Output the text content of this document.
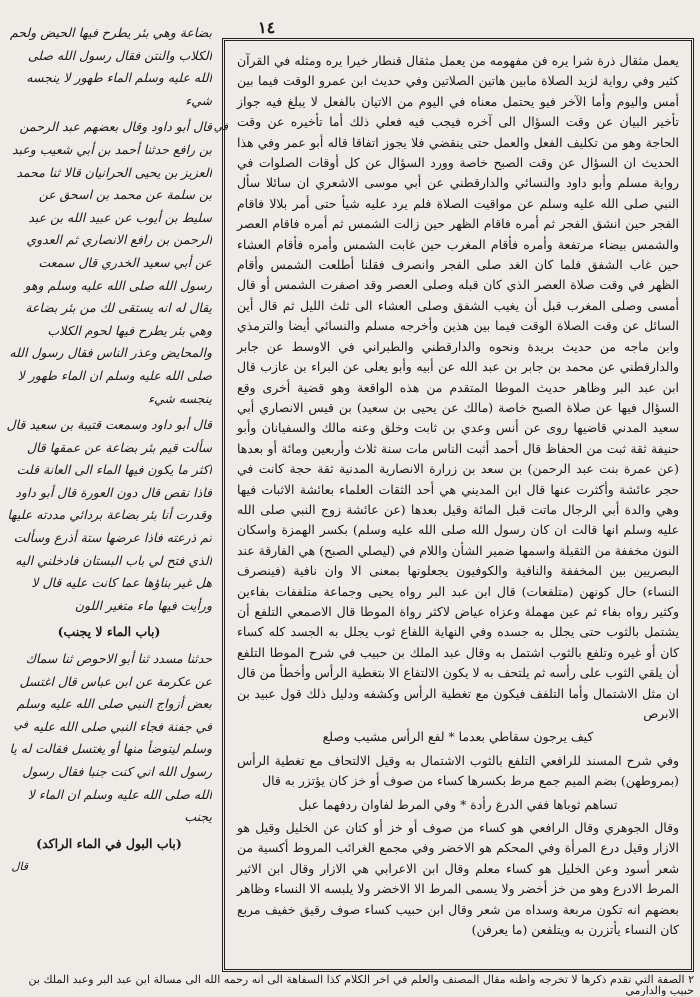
١٤

يعمل مثقال ذرة شرا يره فن مفهومه من يعمل مثقال قنطار خيرا يره ومثله في القرآن كثير وفي رواية لزيد الصلاة مابين هاتين الصلاتين وفي حديث ابن عمرو الوقت فيما بين أمس واليوم وأما الآخر فيو يحتمل معناه في اليوم من الاتيان بالفعل لا يبلغ فيه جواز تأخير البيان عن وقت السؤال الى آخره فيجب فيه فعلي ذلك أما تأخيره عن وقت الحاجة وهو من تكليف الفعل والعمل حتى ينقضي فلا يجوز اتفاقا قاله أبو عمر وفي هذا الحديث ان السؤال عن وقت الصبح خاصة وورد السؤال عن كل أوقات الصلوات في رواية مسلم وأبو داود والنسائي والدارقطني عن أبي موسى الاشعري ان سائلا سأل النبي صلى الله عليه وسلم عن مواقيت الصلاة فلم يرد عليه شيأ حتى أمر بلالا فاقام الفجر حين انشق الفجر ثم أمره فاقام الظهر حين زالت الشمس ثم أمره فاقام العصر والشمس بيضاء مرتفعة وأمره فأقام المغرب حين غابت الشمس وأمره فأقام العشاء حين غاب الشفق فلما كان الغد صلى الفجر وانصرف فقلنا أطلعت الشمس وأقام الظهر في وقت صلاة العصر الذي كان قبله وصلى العصر وقد اصفرت الشمس أو قال أمسى وصلى المغرب قبل أن يغيب الشفق وصلى العشاء الى ثلث الليل ثم قال أين السائل عن وقت الصلاة الوقت فيما بين هذين وأخرجه مسلم والنسائي أيضا والترمذي وابن ماجه من حديث بريدة ونحوه والدارقطني والطبراني في الاوسط عن جابر والدارقطني عن محمد بن جابر بن عبد الله عن أبيه وأبو يعلى عن البراء بن عازب قال ابن عبد البر وظاهر حديث الموطا المتقدم من هذه الواقعة وهو قضية أخرى وقع السؤال فيها عن صلاة الصبح خاصة (مالك عن يحيى بن سعيد) بن قيس الانصاري أبي سعيد المدني قاضيها روى عن أنس وعدي بن ثابت وخلق وعنه مالك والسفيانان وأبو حنيفة ثقة ثبت من الحفاظ قال أحمد أثبت الناس مات سنة ثلاث وأربعين ومائة أو بعدها (عن عمرة بنت عبد الرحمن) بن سعد بن زرارة الانصارية المدنية ثقة حجة كانت في حجر عائشة وأكثرت عنها قال ابن المديني هي أحد الثقات العلماء بعائشة الاثبات فيها وهي والدة أبي الرجال ماتت قبل المائة وقيل بعدها (عن عائشة زوج النبي صلى الله عليه وسلم انها قالت ان كان رسول الله صلى الله عليه وسلم) بكسر الهمزة واسكان النون مخففة من الثقيلة واسمها ضمير الشأن واللام في (ليصلي الصبح) هي الفارقة عند البصريين بين المخففة والنافية والكوفيون يجعلونها بمعنى الا وان نافية (فينصرف النساء) حال كونهن (متلفعات) قال ابن عبد البر رواه يحيى وجماعة متلففات بفاءين وكثير رواه بفاء ثم عين مهملة وعزاه عياض لاكثر رواة الموطا قال الاصمعي التلفع أن يشتمل بالثوب حتى يجلل به جسده وفي النهاية اللفاع ثوب يجلل به الجسد كله كساء كان أو غيره وتلفع بالثوب اشتمل به وقال عبد الملك بن حبيب في شرح الموطا التلفع أن يلقي الثوب على رأسه ثم يلتحف به لا يكون الالتفاع الا بتغطية الرأس وأخطأ من قال ان مثل الاشتمال وأما التلفف فيكون مع تغطية الرأس وكشفه ودليل ذلك قول عبيد بن الابرص

كيف يرجون سقاطي بعدما * لفع الرأس مشيب وصلع

وفي شرح المسند للرافعي التلفع بالثوب الاشتمال به وقيل الالتحاف مع تغطية الرأس (بمروطهن) بضم الميم جمع مرط بكسرها كساء من صوف أو خز كان يؤتزر به قال

تساهم ثوباها ففي الدرع رأدة * وفي المرط لفاوان ردفهما عبل

وقال الجوهري وقال الرافعي هو كساء من صوف أو خز أو كتان عن الخليل وقيل هو الازار وقيل درع المرأة وفي المحكم هو الاخضر وفي مجمع الغرائب المروط أكسية من شعر أسود وعن الخليل هو كساء معلم وقال ابن الاعرابي هي الازار وقال ابن الاثير المرط الادرع وهو من خز أخضر ولا يسمى المرط الا الاخضر ولا يلبسه الا النساء وظاهر بعضهم انه تكون مربعة وسداه من شعر وقال ابن حبيب كساء صوف رقيق خفيف مربع كان النساء يأتزرن به ويتلفعن (ما يعرفن)

بضاعة وهي بئر يطرح فيها الحيض ولحم الكلاب والنتن فقال رسول الله صلى الله عليه وسلم الماء طهور لا ينجسه شيء

قال أبو داود وقال بعضهم عبد الرحمن بن رافع حدثنا أحمد بن أبي شعيب وعبد العزيز بن يحيى الحرانيان قالا ثنا محمد بن سلمة عن محمد بن اسحق عن سليط بن أيوب عن عبيد الله بن عبد الرحمن بن رافع الانصاري ثم العدوي عن أبي سعيد الخدري قال سمعت رسول الله صلى الله عليه وسلم وهو يقال له انه يستقى لك من بئر بضاعة وهي بئر يطرح فيها لحوم الكلاب والمحايض وعذر الناس فقال رسول الله صلى الله عليه وسلم ان الماء طهور لا ينجسه شيء

قال أبو داود وسمعت قتيبة بن سعيد قال سألت قيم بئر بضاعة عن عمقها قال أكثر ما يكون فيها الماء الى العانة قلت فاذا نقص قال دون العورة قال أبو داود وقدرت أنا بئر بضاعة بردائي مددته عليها ثم ذرعته فاذا عرضها ستة أذرع وسألت الذي فتح لي باب البستان فادخلني اليه هل غير بناؤها عما كانت عليه قال لا ورأيت فيها ماء متغير اللون

(باب الماء لا يجنب)

حدثنا مسدد ثنا أبو الاحوص ثنا سماك عن عكرمة عن ابن عباس قال اغتسل بعض أزواج النبي صلى الله عليه وسلم في جفنة فجاء النبي صلى الله عليه وسلم ليتوضأ منها أو يغتسل فقالت له يا رسول الله اني كنت جنبا فقال رسول الله صلى الله عليه وسلم ان الماء لا يجنب

(باب البول في الماء الراكد)

في
في
قال

٢ الصفة التي تقدم ذكرها لا تخرجه وأظنه مقال المصنف والعلم في آخر الكلام كذا السفاهة الى أنه رحمه الله الى مسألة ابن عبد البر وعبد الملك بن حبيب والدارمي
